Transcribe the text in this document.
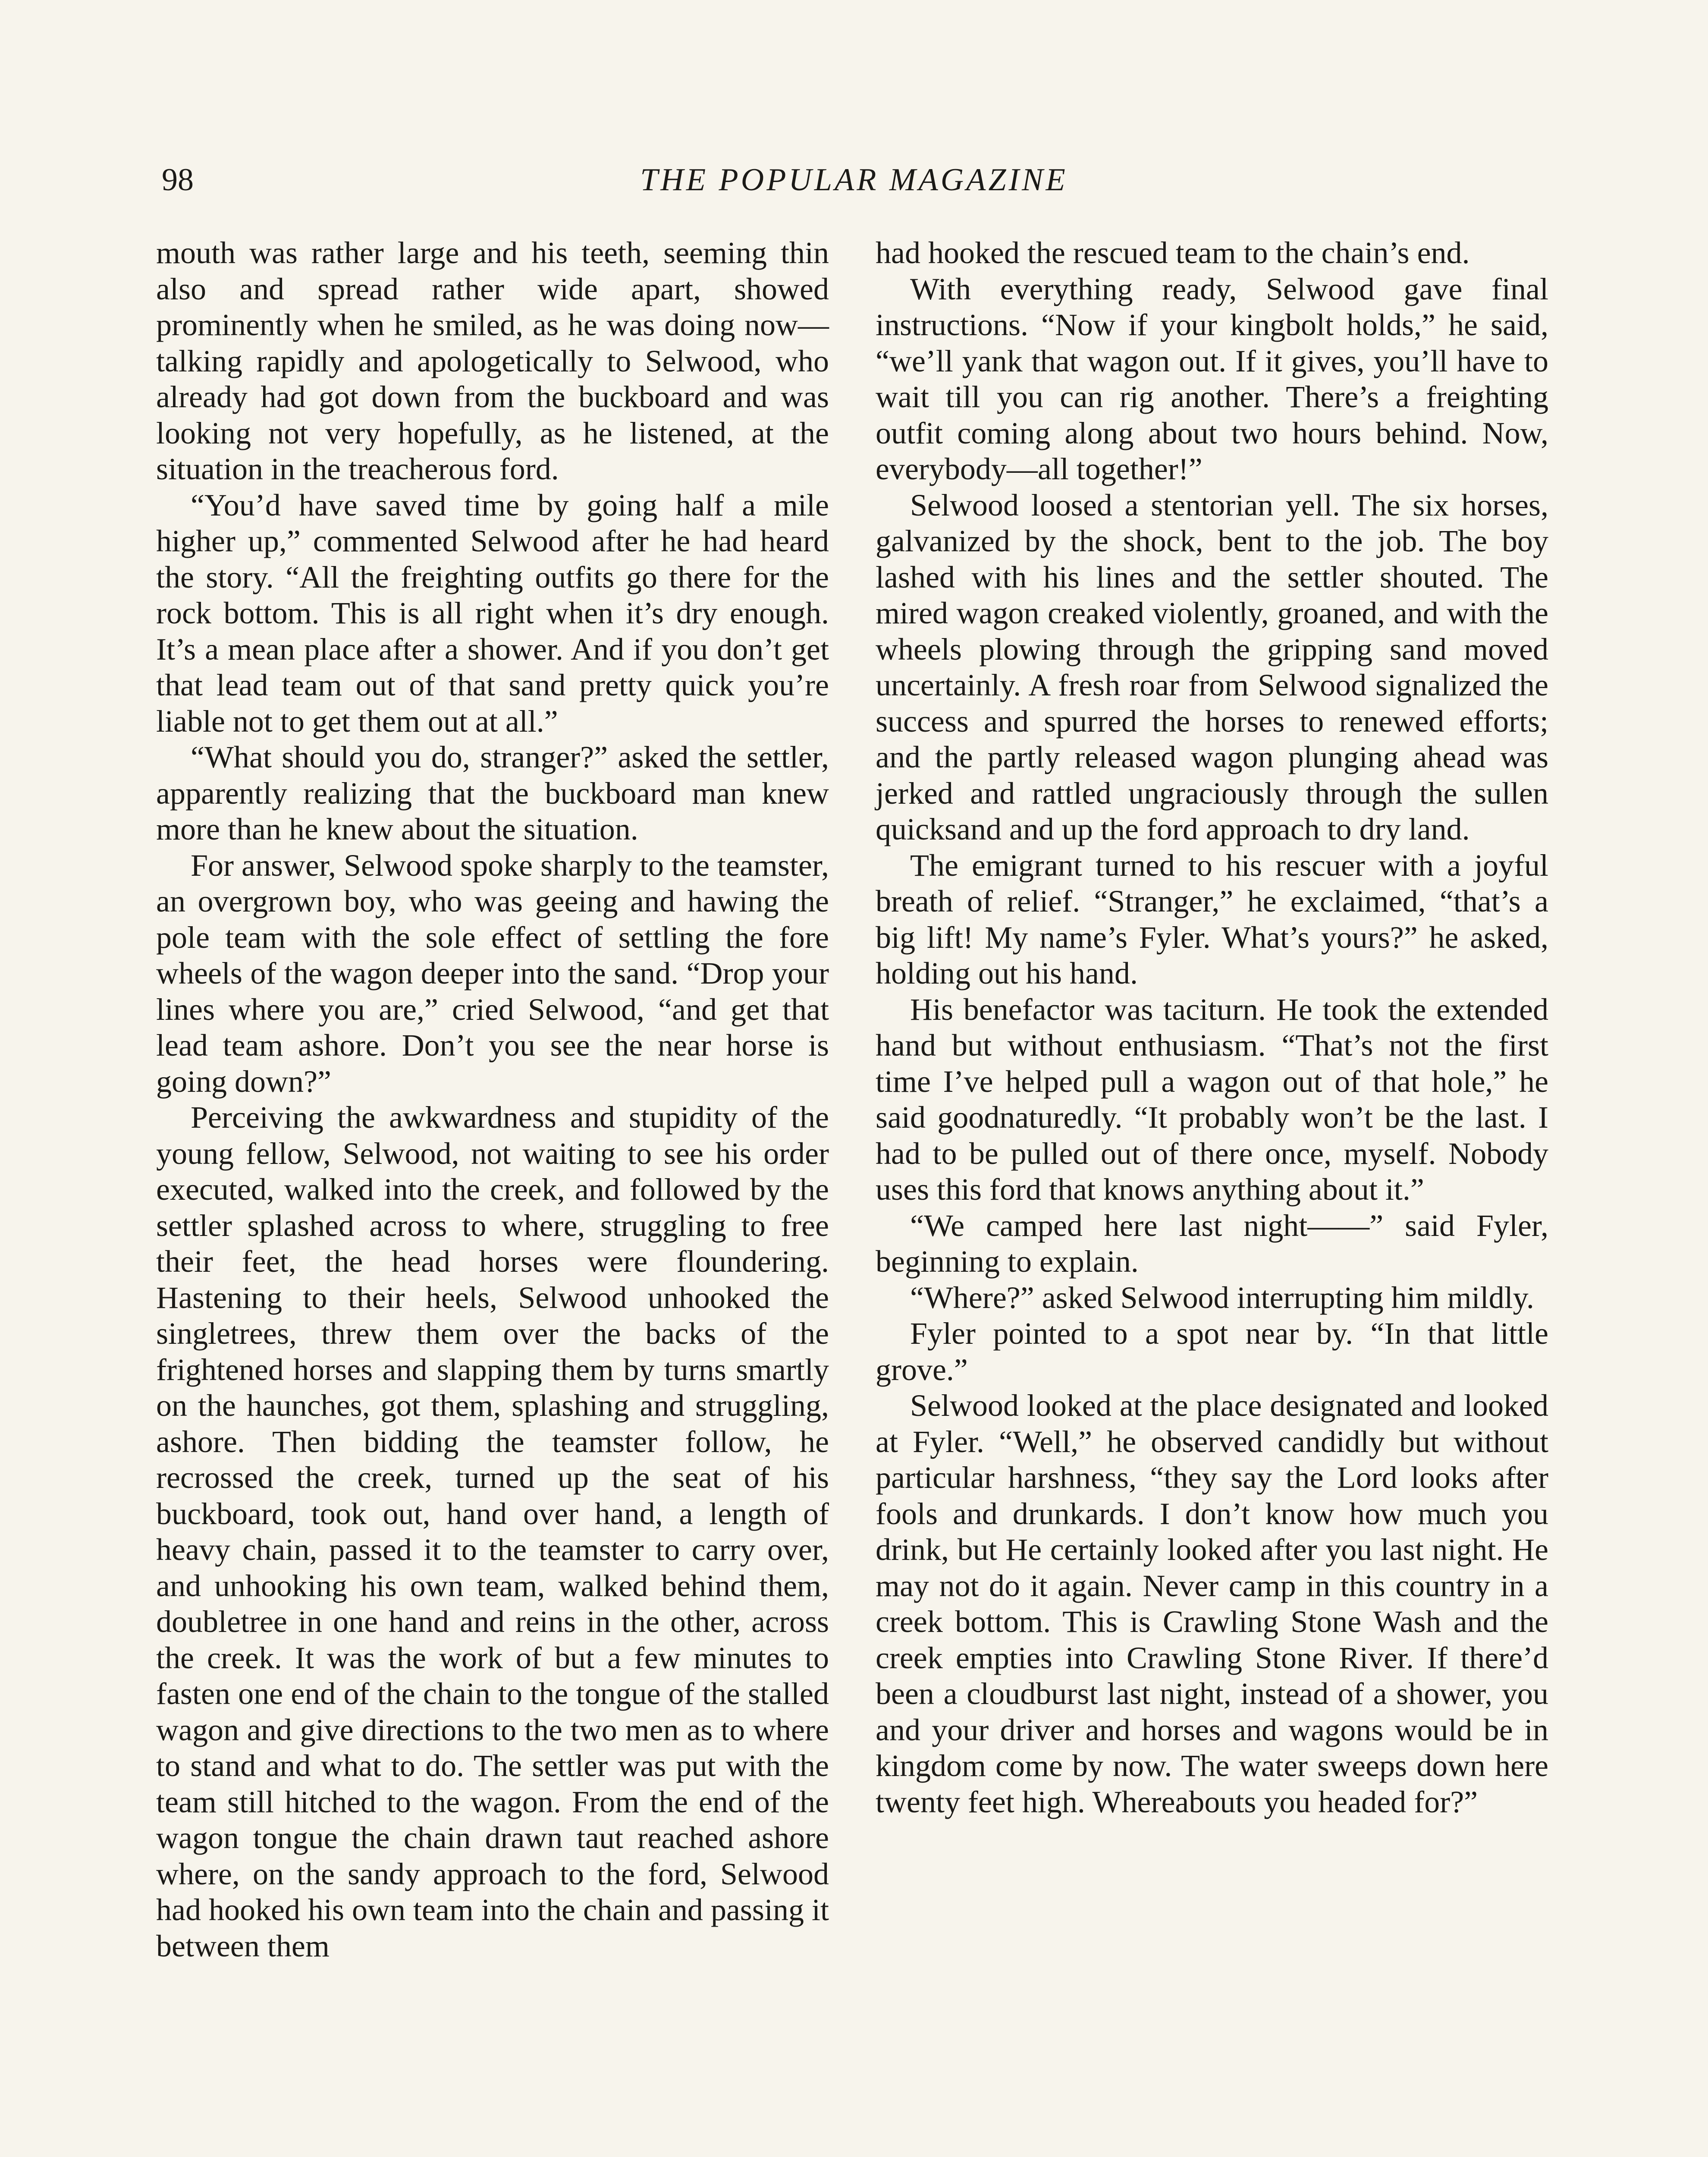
98	THE POPULAR MAGAZINE

mouth was rather large and his teeth, seeming thin also and spread rather wide apart, showed prominently when he smiled, as he was doing now—talking rapidly and apologetically to Selwood, who already had got down from the buckboard and was looking not very hopefully, as he listened, at the situation in the treacherous ford.

“You’d have saved time by going half a mile higher up,” commented Selwood after he had heard the story. “All the freighting outfits go there for the rock bottom. This is all right when it’s dry enough. It’s a mean place after a shower. And if you don’t get that lead team out of that sand pretty quick you’re liable not to get them out at all.”

“What should you do, stranger?” asked the settler, apparently realizing that the buckboard man knew more than he knew about the situation.

For answer, Selwood spoke sharply to the teamster, an overgrown boy, who was geeing and hawing the pole team with the sole effect of settling the fore wheels of the wagon deeper into the sand. “Drop your lines where you are,” cried Selwood, “and get that lead team ashore. Don’t you see the near horse is going down?”

Perceiving the awkwardness and stupidity of the young fellow, Selwood, not waiting to see his order executed, walked into the creek, and followed by the settler splashed across to where, struggling to free their feet, the head horses were floundering. Hastening to their heels, Selwood unhooked the singletrees, threw them over the backs of the frightened horses and slapping them by turns smartly on the haunches, got them, splashing and struggling, ashore. Then bidding the teamster follow, he recrossed the creek, turned up the seat of his buckboard, took out, hand over hand, a length of heavy chain, passed it to the teamster to carry over, and unhooking his own team, walked behind them, doubletree in one hand and reins in the other, across the creek. It was the work of but a few minutes to fasten one end of the chain to the tongue of the stalled wagon and give directions to the two men as to where to stand and what to do. The settler was put with the team still hitched to the wagon. From the end of the wagon tongue the chain drawn taut reached ashore where, on the sandy approach to the ford, Selwood had hooked his own team into the chain and passing it between them

had hooked the rescued team to the chain’s end.

With everything ready, Selwood gave final instructions. “Now if your kingbolt holds,” he said, “we’ll yank that wagon out. If it gives, you’ll have to wait till you can rig another. There’s a freighting outfit coming along about two hours behind. Now, everybody—all together!”

Selwood loosed a stentorian yell. The six horses, galvanized by the shock, bent to the job. The boy lashed with his lines and the settler shouted. The mired wagon creaked violently, groaned, and with the wheels plowing through the gripping sand moved uncertainly. A fresh roar from Selwood signalized the success and spurred the horses to renewed efforts; and the partly released wagon plunging ahead was jerked and rattled ungraciously through the sullen quicksand and up the ford approach to dry land.

The emigrant turned to his rescuer with a joyful breath of relief. “Stranger,” he exclaimed, “that’s a big lift! My name’s Fyler. What’s yours?” he asked, holding out his hand.

His benefactor was taciturn. He took the extended hand but without enthusiasm. “That’s not the first time I’ve helped pull a wagon out of that hole,” he said goodnaturedly. “It probably won’t be the last. I had to be pulled out of there once, myself. Nobody uses this ford that knows anything about it.”

“We camped here last night——” said Fyler, beginning to explain.

“Where?” asked Selwood interrupting him mildly.

Fyler pointed to a spot near by. “In that little grove.”

Selwood looked at the place designated and looked at Fyler. “Well,” he observed candidly but without particular harshness, “they say the Lord looks after fools and drunkards. I don’t know how much you drink, but He certainly looked after you last night. He may not do it again. Never camp in this country in a creek bottom. This is Crawling Stone Wash and the creek empties into Crawling Stone River. If there’d been a cloudburst last night, instead of a shower, you and your driver and horses and wagons would be in kingdom come by now. The water sweeps down here twenty feet high. Whereabouts you headed for?”
